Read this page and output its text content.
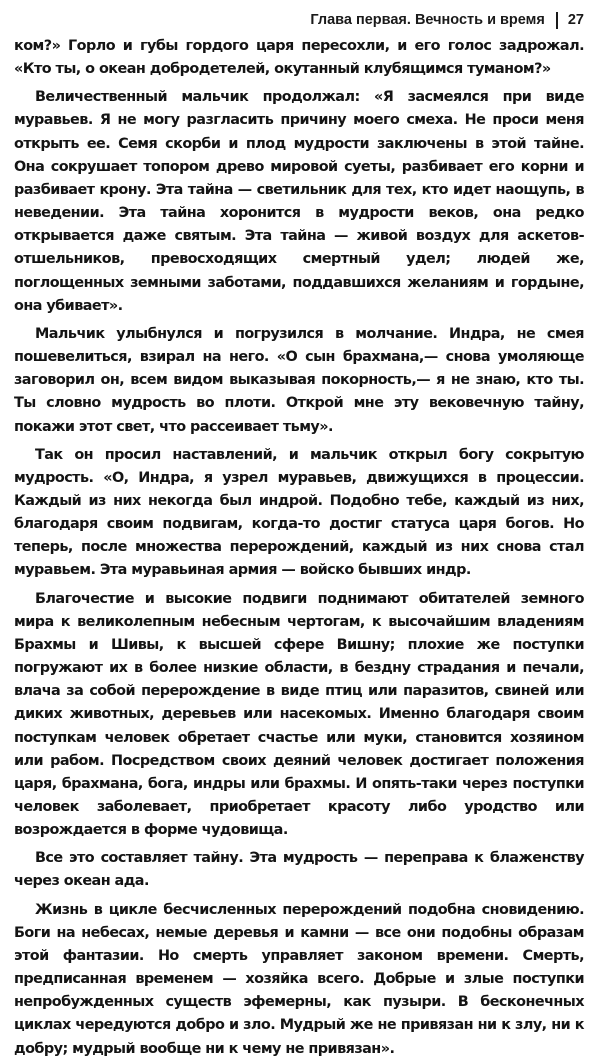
Глава первая. Вечность и время 27

ком?» Горло и губы гордого царя пересохли, и его голос задрожал. «Кто ты, о океан добродетелей, окутанный клубящимся туманом?»

Величественный мальчик продолжал: «Я засмеялся при виде муравьев. Я не могу разгласить причину моего смеха. Не проси меня открыть ее. Семя скорби и плод мудрости заключены в этой тайне. Она сокрушает топором древо мировой суеты, разбивает его корни и разбивает крону. Эта тайна — светильник для тех, кто идет наощупь, в неведении. Эта тайна хоронится в мудрости веков, она редко открывается даже святым. Эта тайна — живой воздух для аскетов-отшельников, превосходящих смертный удел; людей же, поглощенных земными заботами, поддавшихся желаниям и гордыне, она убивает».

Мальчик улыбнулся и погрузился в молчание. Индра, не смея пошевелиться, взирал на него. «О сын брахмана,— снова умоляюще заговорил он, всем видом выказывая покорность,— я не знаю, кто ты. Ты словно мудрость во плоти. Открой мне эту вековечную тайну, покажи этот свет, что рассеивает тьму».

Так он просил наставлений, и мальчик открыл богу сокрытую мудрость. «О, Индра, я узрел муравьев, движущихся в процессии. Каждый из них некогда был индрой. Подобно тебе, каждый из них, благодаря своим подвигам, когда-то достиг статуса царя богов. Но теперь, после множества перерождений, каждый из них снова стал муравьем. Эта муравьиная армия — войско бывших индр.

Благочестие и высокие подвиги поднимают обитателей земного мира к великолепным небесным чертогам, к высочайшим владениям Брахмы и Шивы, к высшей сфере Вишну; плохие же поступки погружают их в более низкие области, в бездну страдания и печали, влача за собой перерождение в виде птиц или паразитов, свиней или диких животных, деревьев или насекомых. Именно благодаря своим поступкам человек обретает счастье или муки, становится хозяином или рабом. Посредством своих деяний человек достигает положения царя, брахмана, бога, индры или брахмы. И опять-таки через поступки человек заболевает, приобретает красоту либо уродство или возрождается в форме чудовища.

Все это составляет тайну. Эта мудрость — переправа к блаженству через океан ада.

Жизнь в цикле бесчисленных перерождений подобна сновидению. Боги на небесах, немые деревья и камни — все они подобны образам этой фантазии. Но смерть управляет законом времени. Смерть, предписанная временем — хозяйка всего. Добрые и злые поступки непробужденных существ эфемерны, как пузыри. В бесконечных циклах чередуются добро и зло. Мудрый же не привязан ни к злу, ни к добру; мудрый вообще ни к чему не привязан».
